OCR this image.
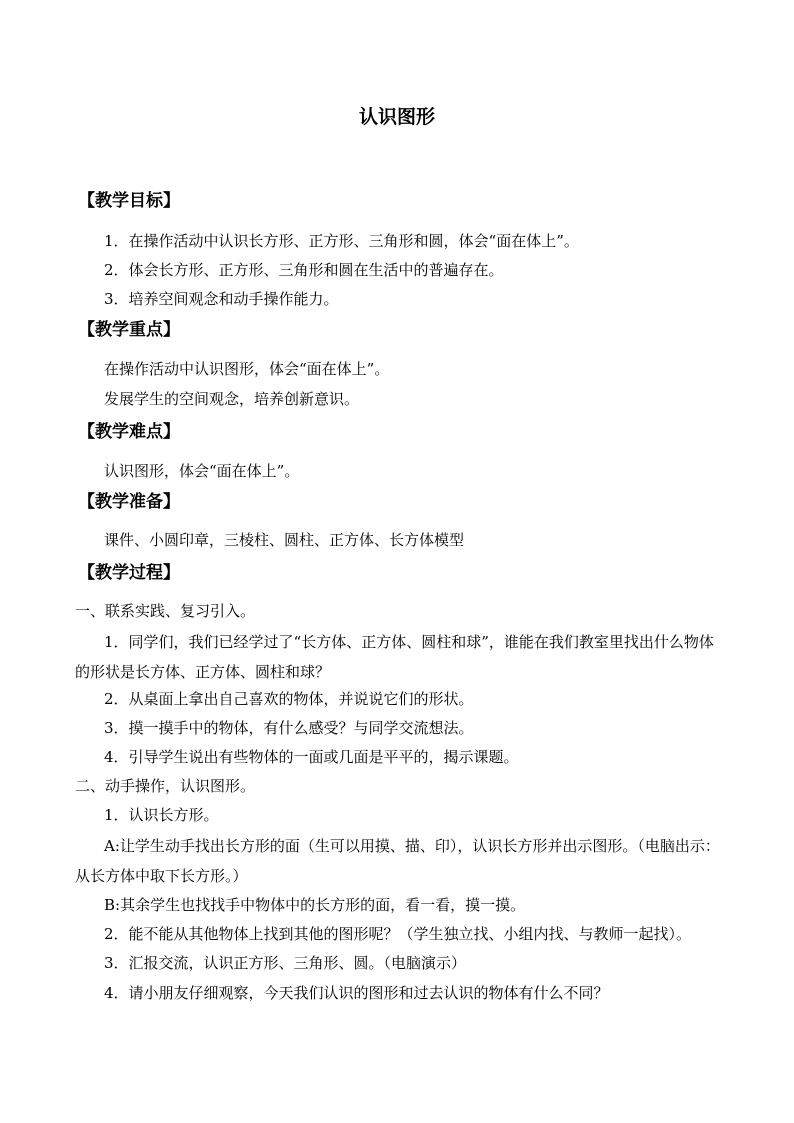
认识图形
【教学目标】
1．在操作活动中认识长方形、正方形、三角形和圆，体会“面在体上”。
2．体会长方形、正方形、三角形和圆在生活中的普遍存在。
3．培养空间观念和动手操作能力。
【教学重点】
在操作活动中认识图形，体会“面在体上”。
发展学生的空间观念，培养创新意识。
【教学难点】
认识图形，体会“面在体上”。
【教学准备】
课件、小圆印章，三棱柱、圆柱、正方体、长方体模型
【教学过程】
一、联系实践、复习引入。
1．同学们，我们已经学过了“长方体、正方体、圆柱和球”，谁能在我们教室里找出什么物体的形状是长方体、正方体、圆柱和球？
2．从桌面上拿出自己喜欢的物体，并说说它们的形状。
3．摸一摸手中的物体，有什么感受？与同学交流想法。
4．引导学生说出有些物体的一面或几面是平平的，揭示课题。
二、动手操作，认识图形。
1．认识长方形。
A:让学生动手找出长方形的面（生可以用摸、描、印），认识长方形并出示图形。（电脑出示：从长方体中取下长方形。）
B:其余学生也找找手中物体中的长方形的面，看一看，摸一摸。
2．能不能从其他物体上找到其他的图形呢？（学生独立找、小组内找、与教师一起找）。
3．汇报交流，认识正方形、三角形、圆。（电脑演示）
4．请小朋友仔细观察，今天我们认识的图形和过去认识的物体有什么不同？
